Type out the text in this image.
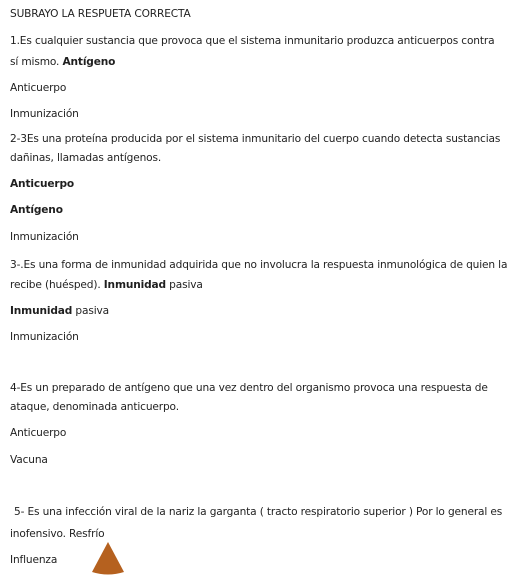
SUBRAYO LA RESPUETA CORRECTA
1.Es cualquier sustancia que provoca que el sistema inmunitario produzca anticuerpos contra
sí mismo. Antígeno
Anticuerpo
Inmunización
2-3Es una proteína producida por el sistema inmunitario del cuerpo cuando detecta sustancias
dañinas, llamadas antígenos.
Anticuerpo
Antígeno
Inmunización
3-.Es una forma de inmunidad adquirida que no involucra la respuesta inmunológica de quien la
recibe (huésped). Inmunidad pasiva
Inmunidad pasiva
Inmunización
4-Es un preparado de antígeno que una vez dentro del organismo provoca una respuesta de
ataque, denominada anticuerpo.
Anticuerpo
Vacuna
5- Es una infección viral de la nariz la garganta ( tracto respiratorio superior ) Por lo general es
inofensivo. Resfrío
Influenza
